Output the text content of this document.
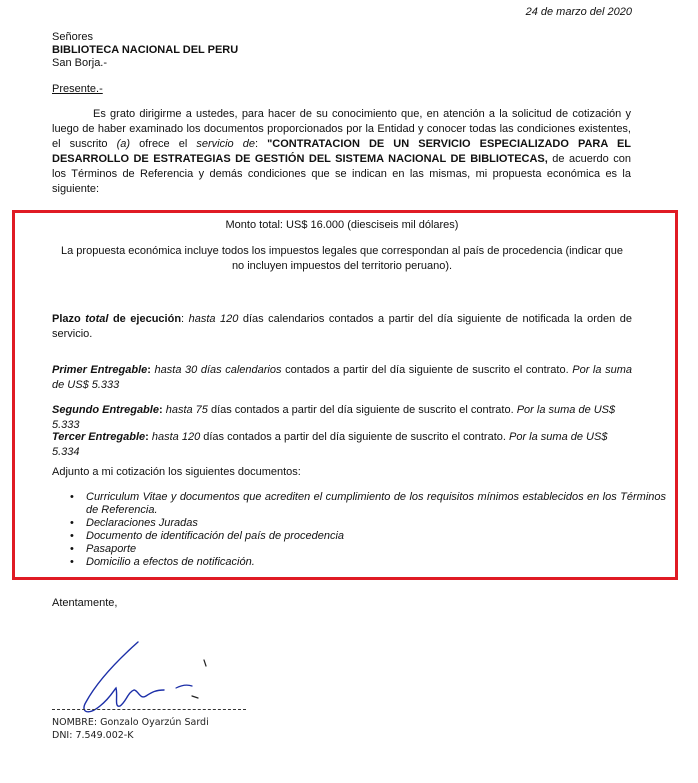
24 de marzo del 2020
Señores
BIBLIOTECA NACIONAL DEL PERU
San Borja.-
Presente.-
Es grato dirigirme a ustedes, para hacer de su conocimiento que, en atención a la solicitud de cotización y luego de haber examinado los documentos proporcionados por la Entidad y conocer todas las condiciones existentes, el suscrito (a) ofrece el servicio de: "CONTRATACION DE UN SERVICIO ESPECIALIZADO PARA EL DESARROLLO DE ESTRATEGIAS DE GESTIÓN DEL SISTEMA NACIONAL DE BIBLIOTECAS, de acuerdo con los Términos de Referencia y demás condiciones que se indican en las mismas, mi propuesta económica es la siguiente:
Monto total: US$ 16.000 (diesciseis mil dólares)
La propuesta económica incluye todos los impuestos legales que correspondan al país de procedencia (indicar que no incluyen impuestos del territorio peruano).
Plazo total de ejecución: hasta 120 días calendarios contados a partir del día siguiente de notificada la orden de servicio.
Primer Entregable: hasta 30 días calendarios contados a partir del día siguiente de suscrito el contrato. Por la suma de US$ 5.333
Segundo Entregable: hasta 75 días contados a partir del día siguiente de suscrito el contrato. Por la suma de US$ 5.333
Tercer Entregable: hasta 120 días contados a partir del día siguiente de suscrito el contrato. Por la suma de US$ 5.334
Adjunto a mi cotización los siguientes documentos:
• Curriculum Vitae y documentos que acrediten el cumplimiento de los requisitos mínimos establecidos en los Términos de Referencia.
• Declaraciones Juradas
• Documento de identificación del país de procedencia
• Pasaporte
• Domicilio a efectos de notificación.
Atentamente,
NOMBRE: Gonzalo Oyarzún Sardi
DNI: 7.549.002-K
